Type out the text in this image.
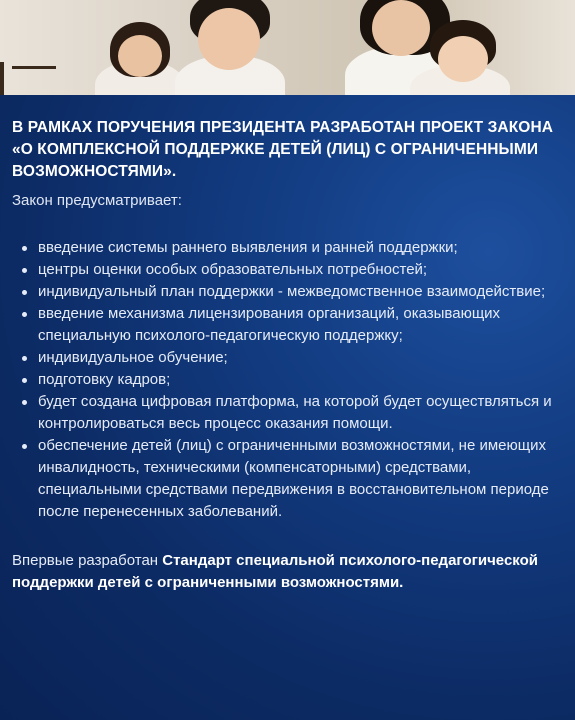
В РАМКАХ ПОРУЧЕНИЯ ПРЕЗИДЕНТА РАЗРАБОТАН ПРОЕКТ ЗАКОНА «О КОМПЛЕКСНОЙ ПОДДЕРЖКЕ ДЕТЕЙ (ЛИЦ) С ОГРАНИЧЕННЫМИ ВОЗМОЖНОСТЯМИ».

Закон предусматривает:

введение системы раннего выявления и ранней поддержки;
центры оценки особых образовательных потребностей;
индивидуальный план поддержки - межведомственное взаимодействие;
введение механизма лицензирования организаций, оказывающих специальную психолого-педагогическую поддержку;
индивидуальное обучение;
подготовку кадров;
будет создана цифровая платформа, на которой будет осуществляться и контролироваться весь процесс оказания помощи.
обеспечение детей (лиц) с ограниченными возможностями, не имеющих инвалидность, техническими (компенсаторными) средствами, специальными средствами передвижения в восстановительном периоде после перенесенных заболеваний.

Впервые разработан Стандарт специальной психолого-педагогической поддержки детей с ограниченными возможностями.
